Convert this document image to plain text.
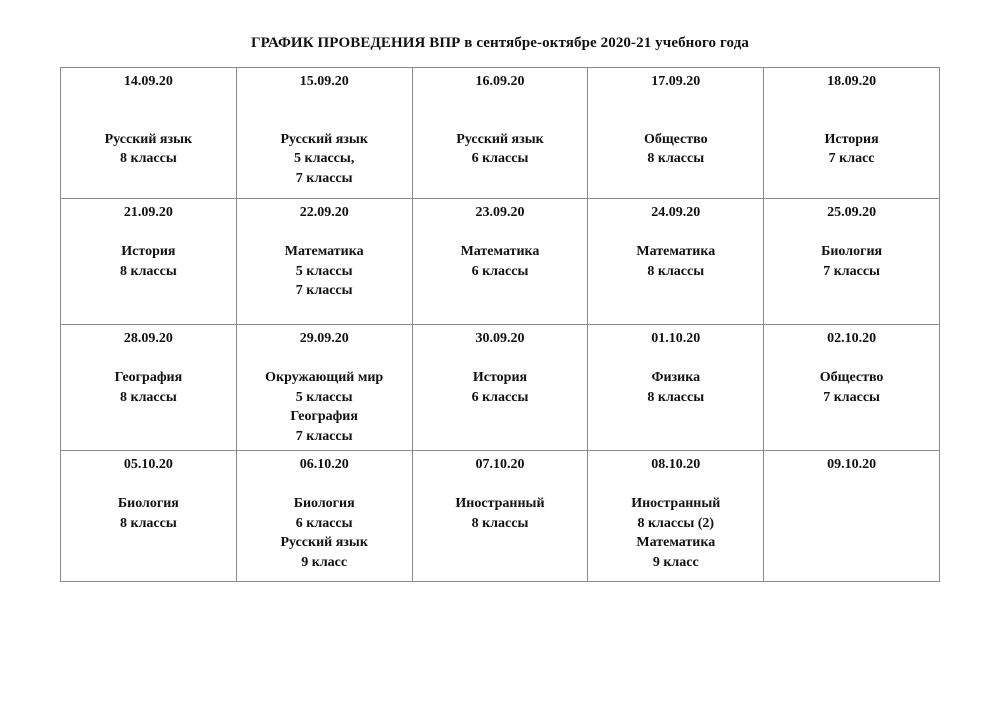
ГРАФИК ПРОВЕДЕНИЯ ВПР в сентябре-октябре 2020-21 учебного года
14.09.20
Русский язык
8 классы	15.09.20
Русский язык
5 классы,
7 классы	16.09.20
Русский язык
6 классы	17.09.20
Общество
8 классы	18.09.20
История
7 класс

21.09.20
История
8 классы	22.09.20
Математика
5 классы
7 классы	23.09.20
Математика
6 классы	24.09.20
Математика
8 классы	25.09.20
Биология
7 классы

28.09.20
География
8 классы	29.09.20
Окружающий мир
5 классы
География
7 классы	30.09.20
История
6 классы	01.10.20
Физика
8 классы	02.10.20
Общество
7 классы

05.10.20
Биология
8 классы	06.10.20
Биология
6 классы
Русский язык
9 класс	07.10.20
Иностранный
8 классы	08.10.20
Иностранный
8 классы (2)
Математика
9 класс	09.10.20
